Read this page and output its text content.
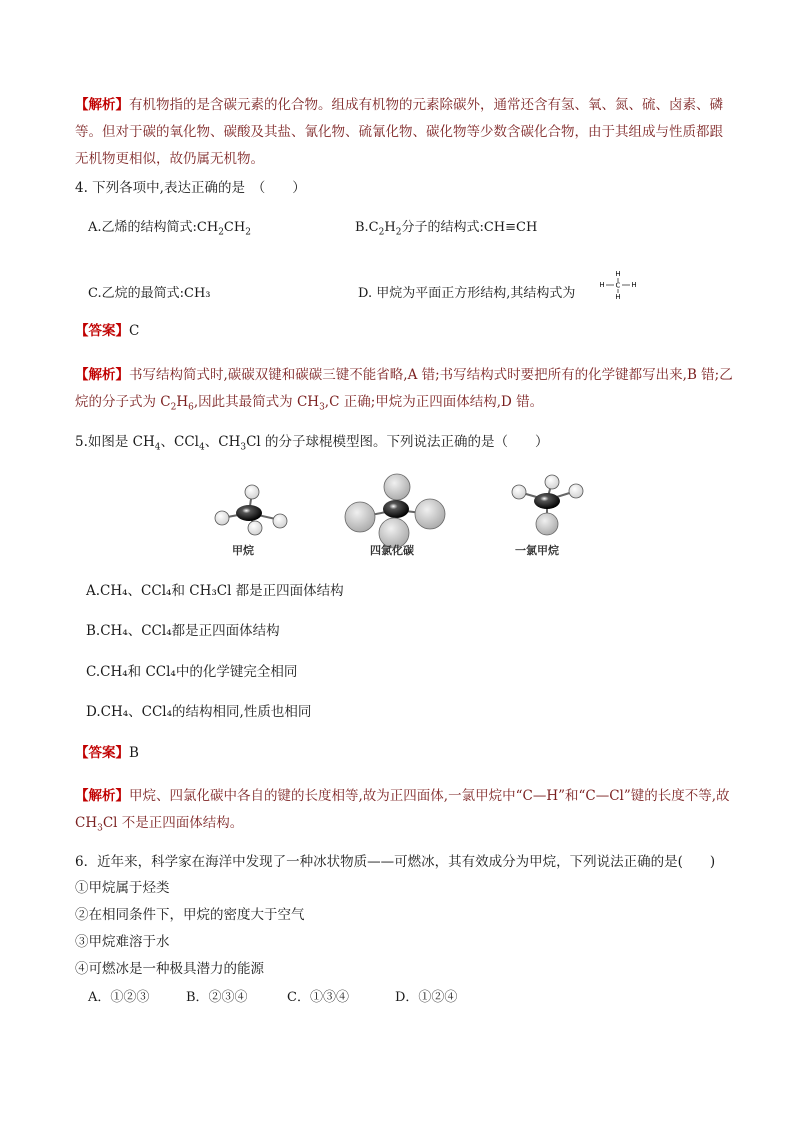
【解析】有机物指的是含碳元素的化合物。组成有机物的元素除碳外，通常还含有氢、氧、氮、硫、卤素、磷等。但对于碳的氧化物、碳酸及其盐、氰化物、硫氰化物、碳化物等少数含碳化合物，由于其组成与性质都跟无机物更相似，故仍属无机物。
4. 下列各项中,表达正确的是　（　　）
A.乙烯的结构简式$:CH_2CH_2$	$B.C_2H_2$分子的结构式:CH≡CH
C.乙烷的最简式:CH₃	D. 甲烷为平面正方形结构,其结构式为
H
H C H
H
【答案】C
【解析】书写结构简式时,碳碳双键和碳碳三键不能省略,A 错;书写结构式时要把所有的化学键都写出来,B 错;乙烷的分子式为 $C_2H_6$,因此其最简式为 $CH_3,C$ 正确;甲烷为正四面体结构,D 错。
5.如图是 $CH_4$、CCl$_4$、$CH_3Cl$ 的分子球棍模型图。下列说法正确的是（　　）
甲烷	四氯化碳	一氯甲烷
A.CH₄、CCl₄和 CH₃Cl 都是正四面体结构
B.CH₄、CCl₄都是正四面体结构
C.CH₄和 CCl₄中的化学键完全相同
D.CH₄、CCl₄的结构相同,性质也相同
【答案】B
【解析】甲烷、四氯化碳中各自的键的长度相等,故为正四面体,一氯甲烷中“C—H”和“C—Cl”键的长度不等,故 $CH_3Cl$ 不是正四面体结构。
6．近年来，科学家在海洋中发现了一种冰状物质——可燃冰，其有效成分为甲烷，下列说法正确的是(　　)
①甲烷属于烃类
②在相同条件下，甲烷的密度大于空气
③甲烷难溶于水
④可燃冰是一种极具潜力的能源
A．①②③	B．②③④	C．①③④	D．①②④
